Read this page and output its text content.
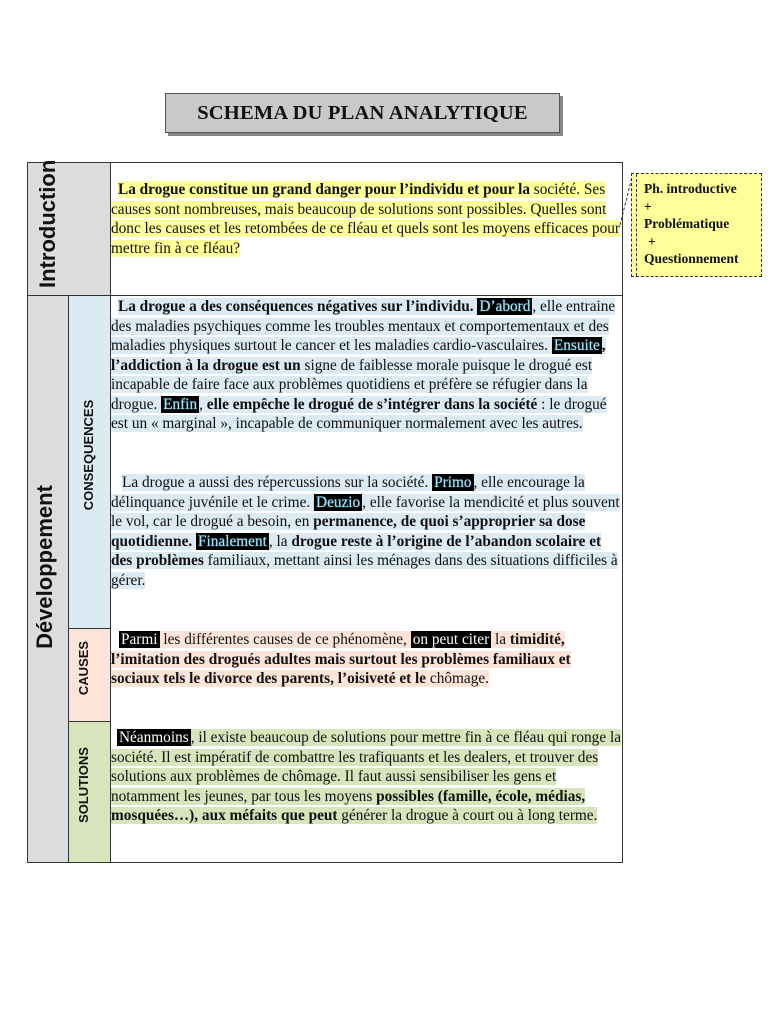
SCHEMA DU PLAN ANALYTIQUE
Introduction
Développement
CONSEQUENCES
CAUSES
SOLUTIONS
La drogue constitue un grand danger pour l’individu et pour la société. Ses causes sont nombreuses, mais beaucoup de solutions sont possibles. Quelles sont donc les causes et les retombées de ce fléau et quels sont les moyens efficaces pour mettre fin à ce fléau?
La drogue a des conséquences négatives sur l’individu. D’abord , elle entraine des maladies psychiques comme les troubles mentaux et comportementaux et des maladies physiques surtout le cancer et les maladies cardio-vasculaires. Ensuite , l’addiction à la drogue est un signe de faiblesse morale puisque le drogué est incapable de faire face aux problèmes quotidiens et préfère se réfugier dans la drogue. Enfin , elle empêche le drogué de s’intégrer dans la société : le drogué est un « marginal », incapable de communiquer normalement avec les autres.
La drogue a aussi des répercussions sur la société. Primo , elle encourage la délinquance juvénile et le crime. Deuzio , elle favorise la mendicité et plus souvent le vol, car le drogué a besoin, en permanence, de quoi s’approprier sa dose quotidienne. Finalement , la drogue reste à l’origine de l’abandon scolaire et des problèmes familiaux, mettant ainsi les ménages dans des situations difficiles à gérer.
Parmi les différentes causes de ce phénomène, on peut citer la timidité, l’imitation des drogués adultes mais surtout les problèmes familiaux et sociaux tels le divorce des parents, l’oisiveté et le chômage.
Néanmoins , il existe beaucoup de solutions pour mettre fin à ce fléau qui ronge la société. Il est impératif de combattre les trafiquants et les dealers, et trouver des solutions aux problèmes de chômage. Il faut aussi sensibiliser les gens et notamment les jeunes, par tous les moyens possibles (famille, école, médias, mosquées…), aux méfaits que peut générer la drogue à court ou à long terme.
Ph. introductive
+
Problématique
+
Questionnement
